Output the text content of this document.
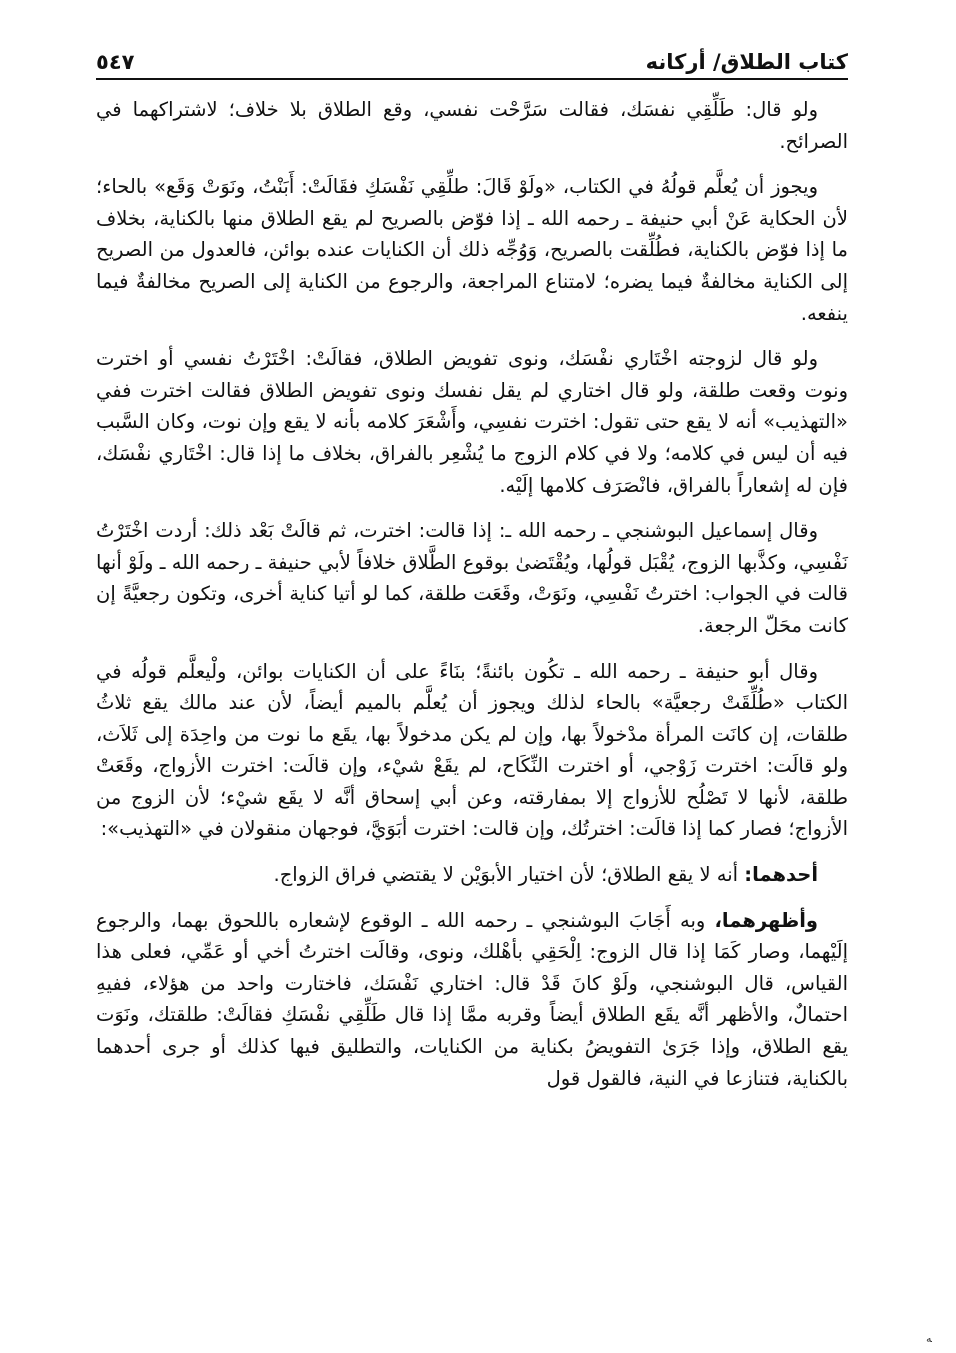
كتاب الطلاق/ أركانه
٥٤٧

ولو قال: طَلِّقِي نفسَك، فقالت سَرَّحْت نفسي، وقع الطلاق بلا خلاف؛ لاشتراكهما في الصرائح.

ويجوز أن يُعلَّم قولُهُ في الكتاب، «ولَوْ قَالَ: طلِّقِي نَفْسَكِ فقَالَتْ: أَبَنْتُ، ونَوَتْ وَقَع» بالحاء؛ لأن الحكاية عَنْ أبي حنيفة ـ رحمه الله ـ إذا فوّض بالصريح لم يقع الطلاق منها بالكناية، بخلاف ما إذا فوّض بالكناية، فطُلِّقت بالصريح، وَوُجِّه ذلك أن الكنايات عنده بوائن، فالعدول من الصريح إلى الكناية مخالفةٌ فيما يضره؛ لامتناع المراجعة، والرجوع من الكناية إلى الصريح مخالفةٌ فيما ينفعه.

ولو قال لزوجته اخْتَاري نفْسَك، ونوى تفويض الطلاق، فقالَتْ: اخْتَرْتُ نفسي أو اخترت ونوت وقعت طلقة، ولو قال اختاري لم يقل نفسك ونوى تفويض الطلاق فقالت اخترت ففي «التهذيب» أنه لا يقع حتى تقول: اخترت نفسِي، وأَشْعَرَ كلامه بأنه لا يقع وإن نوت، وكان السَّبب فيه أن ليس في كلامه؛ ولا في كلام الزوج ما يُشْعِر بالفراق، بخلاف ما إذا قال: اخْتَاري نفْسَك، فإن له إشعاراً بالفراق، فانْصَرَف كلامها إلَيْه.

وقال إسماعيل البوشنجي ـ رحمه الله ـ: إذا قالت: اخترت، ثم قالَتْ بَعْد ذلك: أردت اخْتَرْتُ نَفْسِي، وكذَّبها الزوج، يُقْبَل قولُها، ويُقْتَضىٰ بوقوع الطَّلاق خلافاً لأبي حنيفة ـ رحمه الله ـ ولَوْ أنها قالت في الجواب: اخترتُ نَفْسِي، ونَوَتْ، وقَعَت طلقة، كما لو أتيا كناية أخرى، وتكون رجعيَّةً إن كانت محَلّ الرجعة.

وقال أبو حنيفة ـ رحمه الله ـ تكُون بائنةً؛ بنَاءً على أن الكنايات بوائن، ولْيعلَّم قولُه في الكتاب «طُلِّقَتْ رجعيَّة» بالحاء لذلك ويجوز أن يُعلَّم بالميم أيضاً، لأن عند مالك يقع ثلاثُ طلقات، إن كانَت المرأة مدْخولاً بها، وإن لم يكن مدخولاً بها، يقَع ما نوت من واحِدَة إلى ثَلاَث، ولو قالَت: اخترت زَوْجي، أو اخترت النِّكَاح، لم يقَعْ شيْء، وإن قالَت: اخترت الأزواج، وقَعَتْ طلقة، لأنها لا تَصْلُح للأزواج إلا بمفارقته، وعن أبي إسحاق أنَّه لا يقَع شيْء؛ لأن الزوج من الأزواج؛ فصار كما إذا قالَت: اخترتُك، وإن قالت: اخترت أبَوَيَّ، فوجهان منقولان في «التهذيب»:

أحدهما: أنه لا يقع الطلاق؛ لأن اختيار الأبوَيْن لا يقتضي فراق الزواج.

وأظهرهما، وبه أَجَابَ البوشنجي ـ رحمه الله ـ الوقوع لإشعاره باللحوق بهما، والرجوع إلَيْهما، وصار كَمَا إذا قال الزوج: اِلْحَقِي بأهْلك، ونوى، وقالَت اخترتُ أخي أو عَمِّي، فعلى هذا القياس، قال البوشنجي، ولَوْ كانَ قَدْ قال: اختاري نَفْسَك، فاختارت واحد من هؤلاء، ففيهِ احتمالٌ، والأظهر أنَّه يقَع الطلاق أيضاً وقربه ممَّا إذا قال طَلِّقِي نفْسَكِ فقالَتْ: طلقتك، ونَوَت يقع الطلاق، وإذا جَرَىٰ التفويضُ بكناية من الكنايات، والتطليق فيها كذلك أو جرى أحدهما بالكناية، فتنازعا في النية، فالقول قول

ﻪ
